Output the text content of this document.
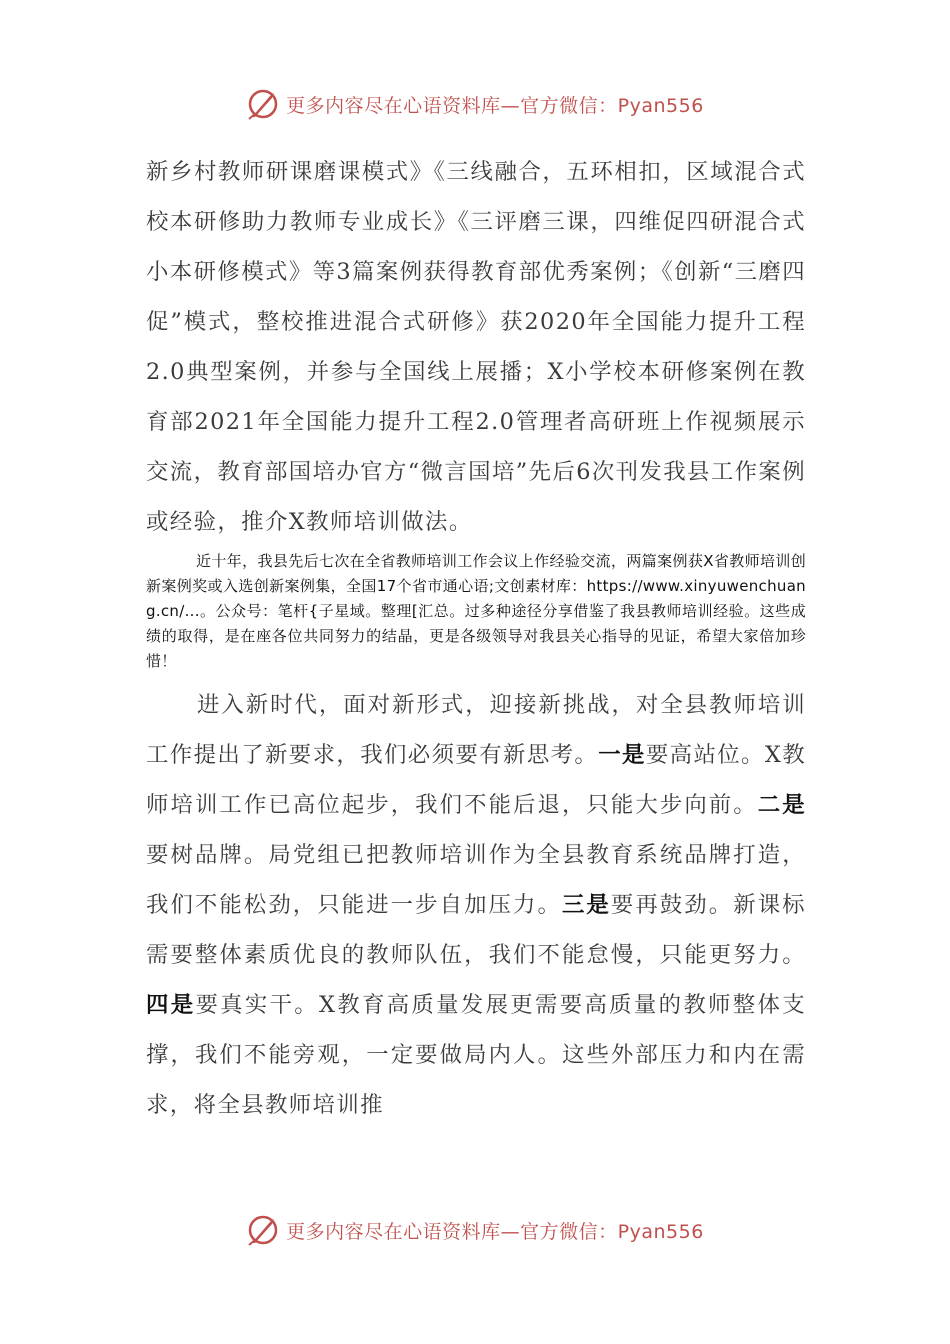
更多内容尽在心语资料库—官方微信：Pyan556

新乡村教师研课磨课模式》《三线融合，五环相扣，区域混合式校本研修助力教师专业成长》《三评磨三课，四维促四研混合式小本研修模式》等3篇案例获得教育部优秀案例；《创新“三磨四促”模式，整校推进混合式研修》获2020年全国能力提升工程2.0典型案例，并参与全国线上展播；X小学校本研修案例在教育部2021年全国能力提升工程2.0管理者高研班上作视频展示交流，教育部国培办官方“微言国培”先后6次刊发我县工作案例或经验，推介X教师培训做法。

近十年，我县先后七次在全省教师培训工作会议上作经验交流，两篇案例获X省教师培训创新案例奖或入选创新案例集，全国17个省市通心语;文创素材库：https://www.xinyuwenchuang.cn/...。公众号：笔杆{子星域。整理[汇总。过多种途径分享借鉴了我县教师培训经验。这些成绩的取得，是在座各位共同努力的结晶，更是各级领导对我县关心指导的见证，希望大家倍加珍惜！

进入新时代，面对新形式，迎接新挑战，对全县教师培训工作提出了新要求，我们必须要有新思考。一是要高站位。X教师培训工作已高位起步，我们不能后退，只能大步向前。二是要树品牌。局党组已把教师培训作为全县教育系统品牌打造，我们不能松劲，只能进一步自加压力。三是要再鼓劲。新课标需要整体素质优良的教师队伍，我们不能怠慢，只能更努力。四是要真实干。X教育高质量发展更需要高质量的教师整体支撑，我们不能旁观，一定要做局内人。这些外部压力和内在需求，将全县教师培训推

更多内容尽在心语资料库—官方微信：Pyan556
